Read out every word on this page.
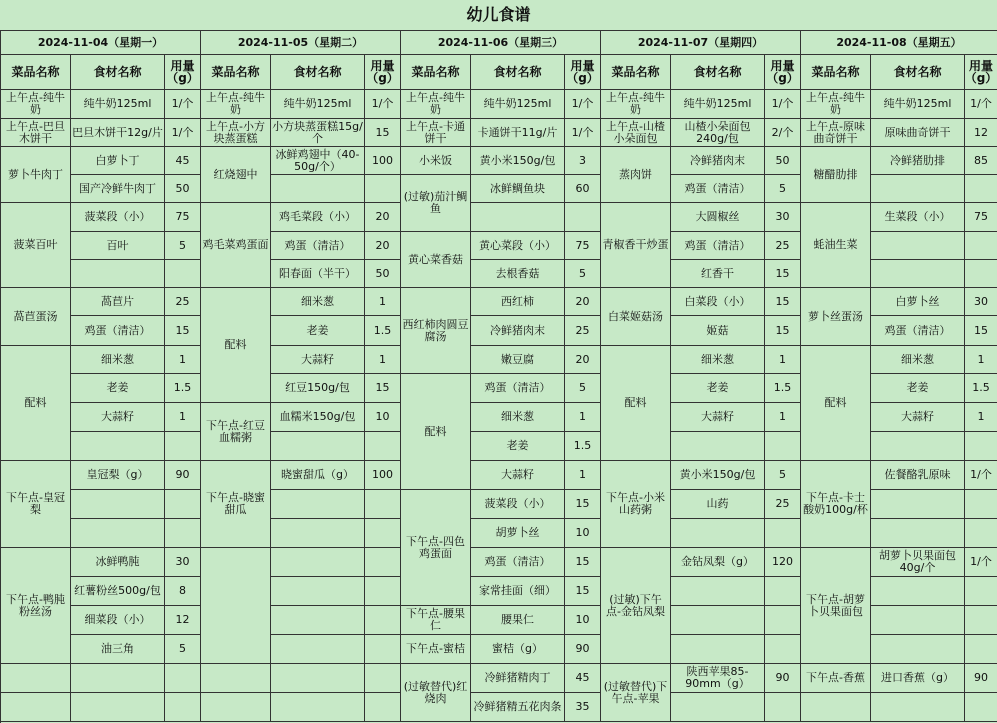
幼儿食谱
2024-11-04（星期一）
菜品名称	食材名称	用量（g）
上午点-纯牛奶	纯牛奶125ml	1/个
上午点-巴旦木饼干	巴旦木饼干12g/片 1/个
萝卜牛肉丁
白萝卜丁	45
国产冷鲜牛肉丁	50
菠菜百叶
菠菜段（小）	75
百叶	5
萵苣蛋汤
萵苣片	25
鸡蛋（清洁）	15
配料
细米葱	1
老姜	1.5
大蒜籽	1
下午点-皇冠梨
皇冠梨（g）	90
下午点-鸭肫粉丝汤
冰鲜鸭肫	30
红薯粉丝500g/包	8
细菜段（小）	12
油三角	5
2024-11-05（星期二）
菜品名称	食材名称	用量（g）
上午点-纯牛奶	纯牛奶125ml	1/个
上午点-小方块蒸蛋糕
小方块蒸蛋糕15g/个	15
红烧翅中
冰鲜鸡翅中（40-50g/个）	100
鸡毛菜鸡蛋面
鸡毛菜段（小）	20
鸡蛋（清洁）	20
阳春面（半干）	50
配料
细米葱	1
老姜	1.5
大蒜籽	1
红豆150g/包	15
下午点-红豆血糯粥
血糯米150g/包	10
下午点-晓蜜甜瓜
晓蜜甜瓜（g）	100
2024-11-06（星期三）
菜品名称	食材名称	用量（g）
上午点-纯牛奶	纯牛奶125ml	1/个
上午点-卡通饼干	卡通饼干11g/片	1/个
小米饭	黄小米150g/包	3
(过敏)茄汁鲷鱼
冰鲜鲷鱼块	60
黄心菜香菇
黄心菜段（小）	75
去根香菇	5
西红柿肉圆豆腐汤
西红柿	20
冷鲜猪肉末	25
嫩豆腐	20
配料
鸡蛋（清洁）	5
细米葱	1
老姜	1.5
大蒜籽	1
下午点-四色鸡蛋面
菠菜段（小）	15
胡萝卜丝	10
鸡蛋（清洁）	15
家常挂面（细）	15
下午点-腰果仁	腰果仁	10
下午点-蜜桔	蜜桔（g）	90
(过敏替代)红烧肉
冷鲜猪精肉丁	45
冷鲜猪精五花肉条	35
2024-11-07（星期四）
菜品名称	食材名称	用量（g）
上午点-纯牛奶	纯牛奶125ml	1/个
上午点-山楂小朵面包
山楂小朵面包240g/包	2/个
蒸肉饼
冷鲜猪肉末	50
鸡蛋（清洁）	5
青椒香干炒蛋
大圆椒丝	30
鸡蛋（清洁）	25
红香干	15
白菜姬菇汤
白菜段（小）	15
姬菇	15
配料
细米葱	1
老姜	1.5
大蒜籽	1
下午点-小米山药粥
黄小米150g/包	5
山药	25
(过敏)下午点-金钻凤梨
金钻凤梨（g）	120
(过敏替代)下午点-苹果
陕西苹果85-90mm（g）	90
2024-11-08（星期五）
菜品名称	食材名称	用量（g）
上午点-纯牛奶	纯牛奶125ml	1/个
上午点-原味曲奇饼干	原味曲奇饼干	12
糖醋肋排
冷鲜猪肋排	85
蚝油生菜
生菜段（小）	75
萝卜丝蛋汤
白萝卜丝	30
鸡蛋（清洁）	15
配料
细米葱	1
老姜	1.5
大蒜籽	1
下午点-卡士酸奶100g/杯
佐餐酪乳原味	1/个
下午点-胡萝卜贝果面包
胡萝卜贝果面包40g/个	1/个
下午点-香蕉	进口香蕉（g）	90
